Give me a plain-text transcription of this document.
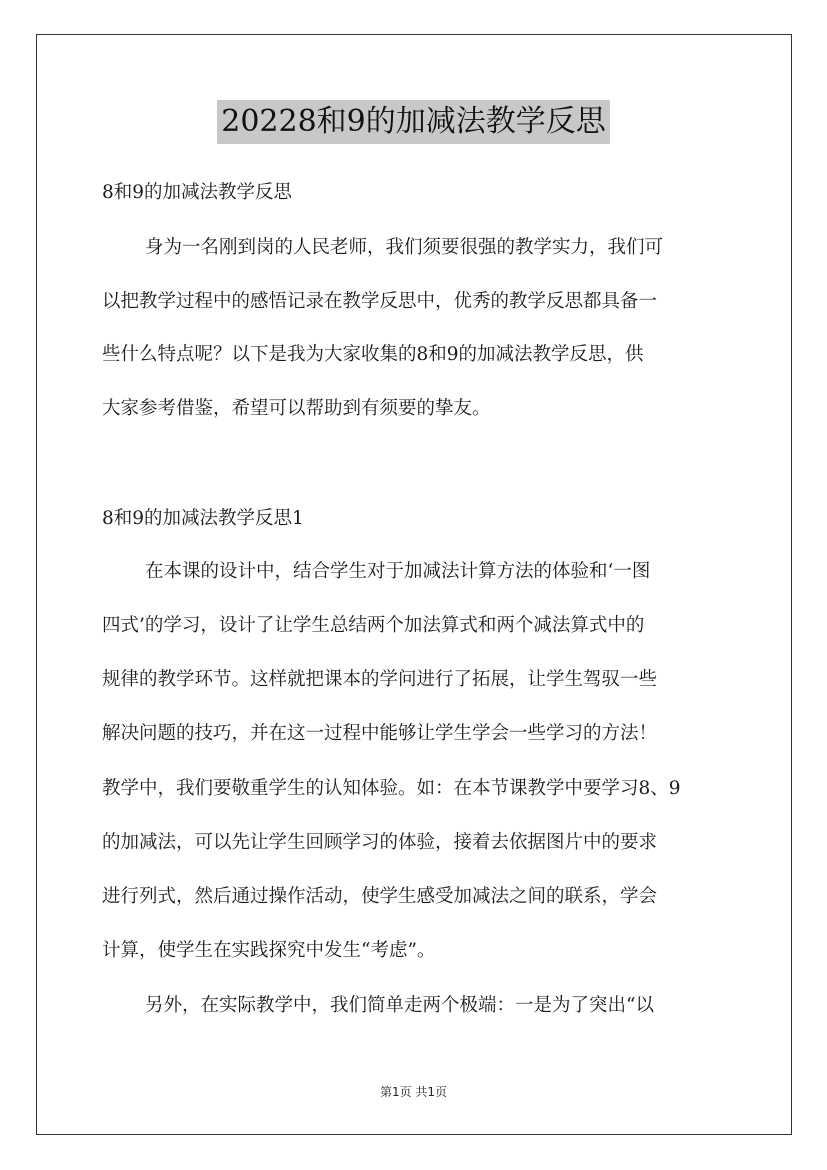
20228和9的加减法教学反思
8和9的加减法教学反思
身为一名刚到岗的人民老师，我们须要很强的教学实力，我们可
以把教学过程中的感悟记录在教学反思中，优秀的教学反思都具备一
些什么特点呢？以下是我为大家收集的8和9的加减法教学反思，供
大家参考借鉴，希望可以帮助到有须要的挚友。
8和9的加减法教学反思1
在本课的设计中，结合学生对于加减法计算方法的体验和‘一图
四式’的学习，设计了让学生总结两个加法算式和两个减法算式中的
规律的教学环节。这样就把课本的学问进行了拓展，让学生驾驭一些
解决问题的技巧，并在这一过程中能够让学生学会一些学习的方法！
教学中，我们要敬重学生的认知体验。如：在本节课教学中要学习8、9
的加减法，可以先让学生回顾学习的体验，接着去依据图片中的要求
进行列式，然后通过操作活动，使学生感受加减法之间的联系，学会
计算，使学生在实践探究中发生“考虑”。
另外，在实际教学中，我们简单走两个极端：一是为了突出“以
第1页 共1页
